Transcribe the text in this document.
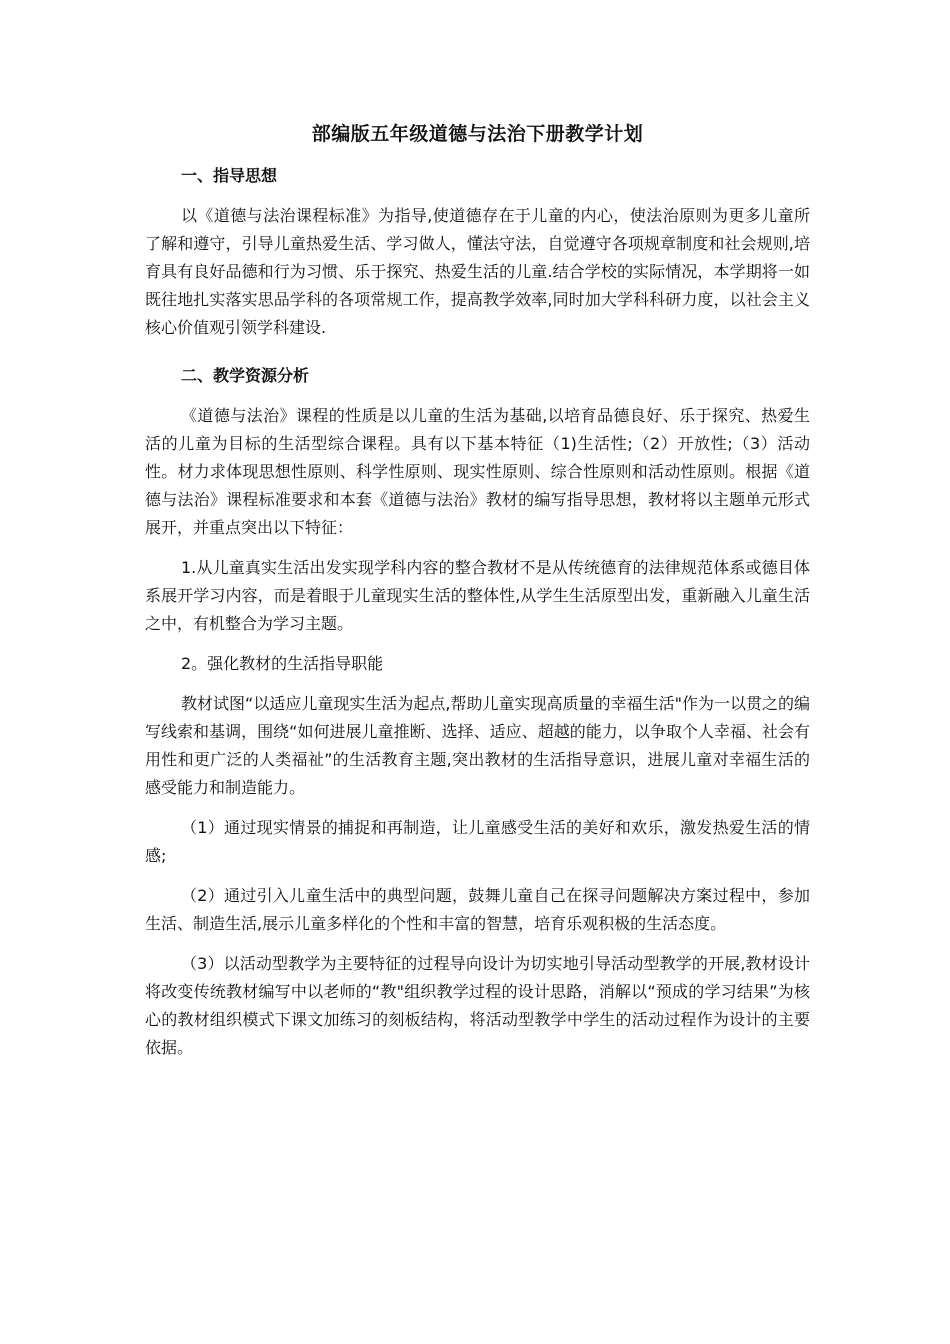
部编版五年级道德与法治下册教学计划
一、指导思想
以《道德与法治课程标准》为指导,使道德存在于儿童的内心，使法治原则为更多儿童所了解和遵守，引导儿童热爱生活、学习做人，懂法守法，自觉遵守各项规章制度和社会规则,培育具有良好品德和行为习惯、乐于探究、热爱生活的儿童.结合学校的实际情况，本学期将一如既往地扎实落实思品学科的各项常规工作，提高教学效率,同时加大学科科研力度，以社会主义核心价值观引领学科建设.
二、教学资源分析
《道德与法治》课程的性质是以儿童的生活为基础,以培育品德良好、乐于探究、热爱生活的儿童为目标的生活型综合课程。具有以下基本特征（1)生活性;（2）开放性;（3）活动性。材力求体现思想性原则、科学性原则、现实性原则、综合性原则和活动性原则。根据《道德与法治》课程标准要求和本套《道德与法治》教材的编写指导思想，教材将以主题单元形式展开，并重点突出以下特征：
1.从儿童真实生活出发实现学科内容的整合教材不是从传统德育的法律规范体系或德目体系展开学习内容，而是着眼于儿童现实生活的整体性,从学生生活原型出发，重新融入儿童生活之中，有机整合为学习主题。
2。强化教材的生活指导职能
教材试图“以适应儿童现实生活为起点,帮助儿童实现高质量的幸福生活"作为一以贯之的编写线索和基调，围绕“如何进展儿童推断、选择、适应、超越的能力，以争取个人幸福、社会有用性和更广泛的人类福祉”的生活教育主题,突出教材的生活指导意识，进展儿童对幸福生活的感受能力和制造能力。
（1）通过现实情景的捕捉和再制造，让儿童感受生活的美好和欢乐，激发热爱生活的情感;
（2）通过引入儿童生活中的典型问题，鼓舞儿童自己在探寻问题解决方案过程中，参加生活、制造生活,展示儿童多样化的个性和丰富的智慧，培育乐观积极的生活态度。
（3）以活动型教学为主要特征的过程导向设计为切实地引导活动型教学的开展,教材设计将改变传统教材编写中以老师的“教"组织教学过程的设计思路，消解以“预成的学习结果”为核心的教材组织模式下课文加练习的刻板结构，将活动型教学中学生的活动过程作为设计的主要依据。
